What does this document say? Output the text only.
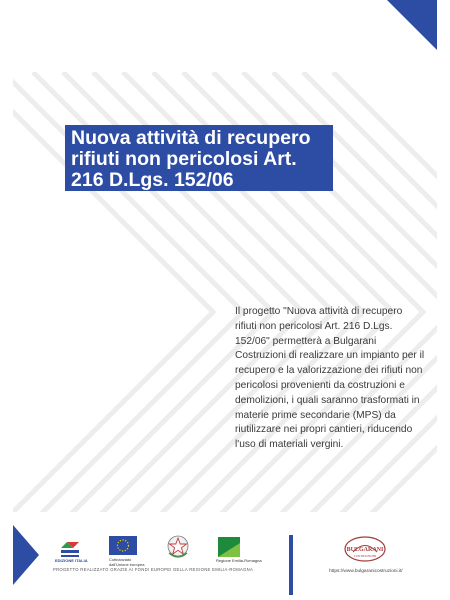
Nuova attività di recupero rifiuti non pericolosi Art. 216 D.Lgs. 152/06

Il progetto "Nuova attività di recupero rifiuti non pericolosi Art. 216 D.Lgs. 152/06" permetterà a Bulgarani Costruzioni di realizzare un impianto per il recupero e la valorizzazione dei rifiuti non pericolosi provenienti da costruzioni e demolizioni, i quali saranno trasformati in materie prime secondarie (MPS) da riutilizzare nei propri cantieri, riducendo l'uso di materiali vergini.

EDIZIONE ITALIA	Cofinanziato dall'Unione europea
Regione Emilia-Romagna
PROGETTO REALIZZATO GRAZIE AI FONDI EUROPEI DELLA REGIONE EMILIA-ROMAGNA
BULGARANI
COSTRUZIONI
https://www.bulgaranicostruzioni.it/
